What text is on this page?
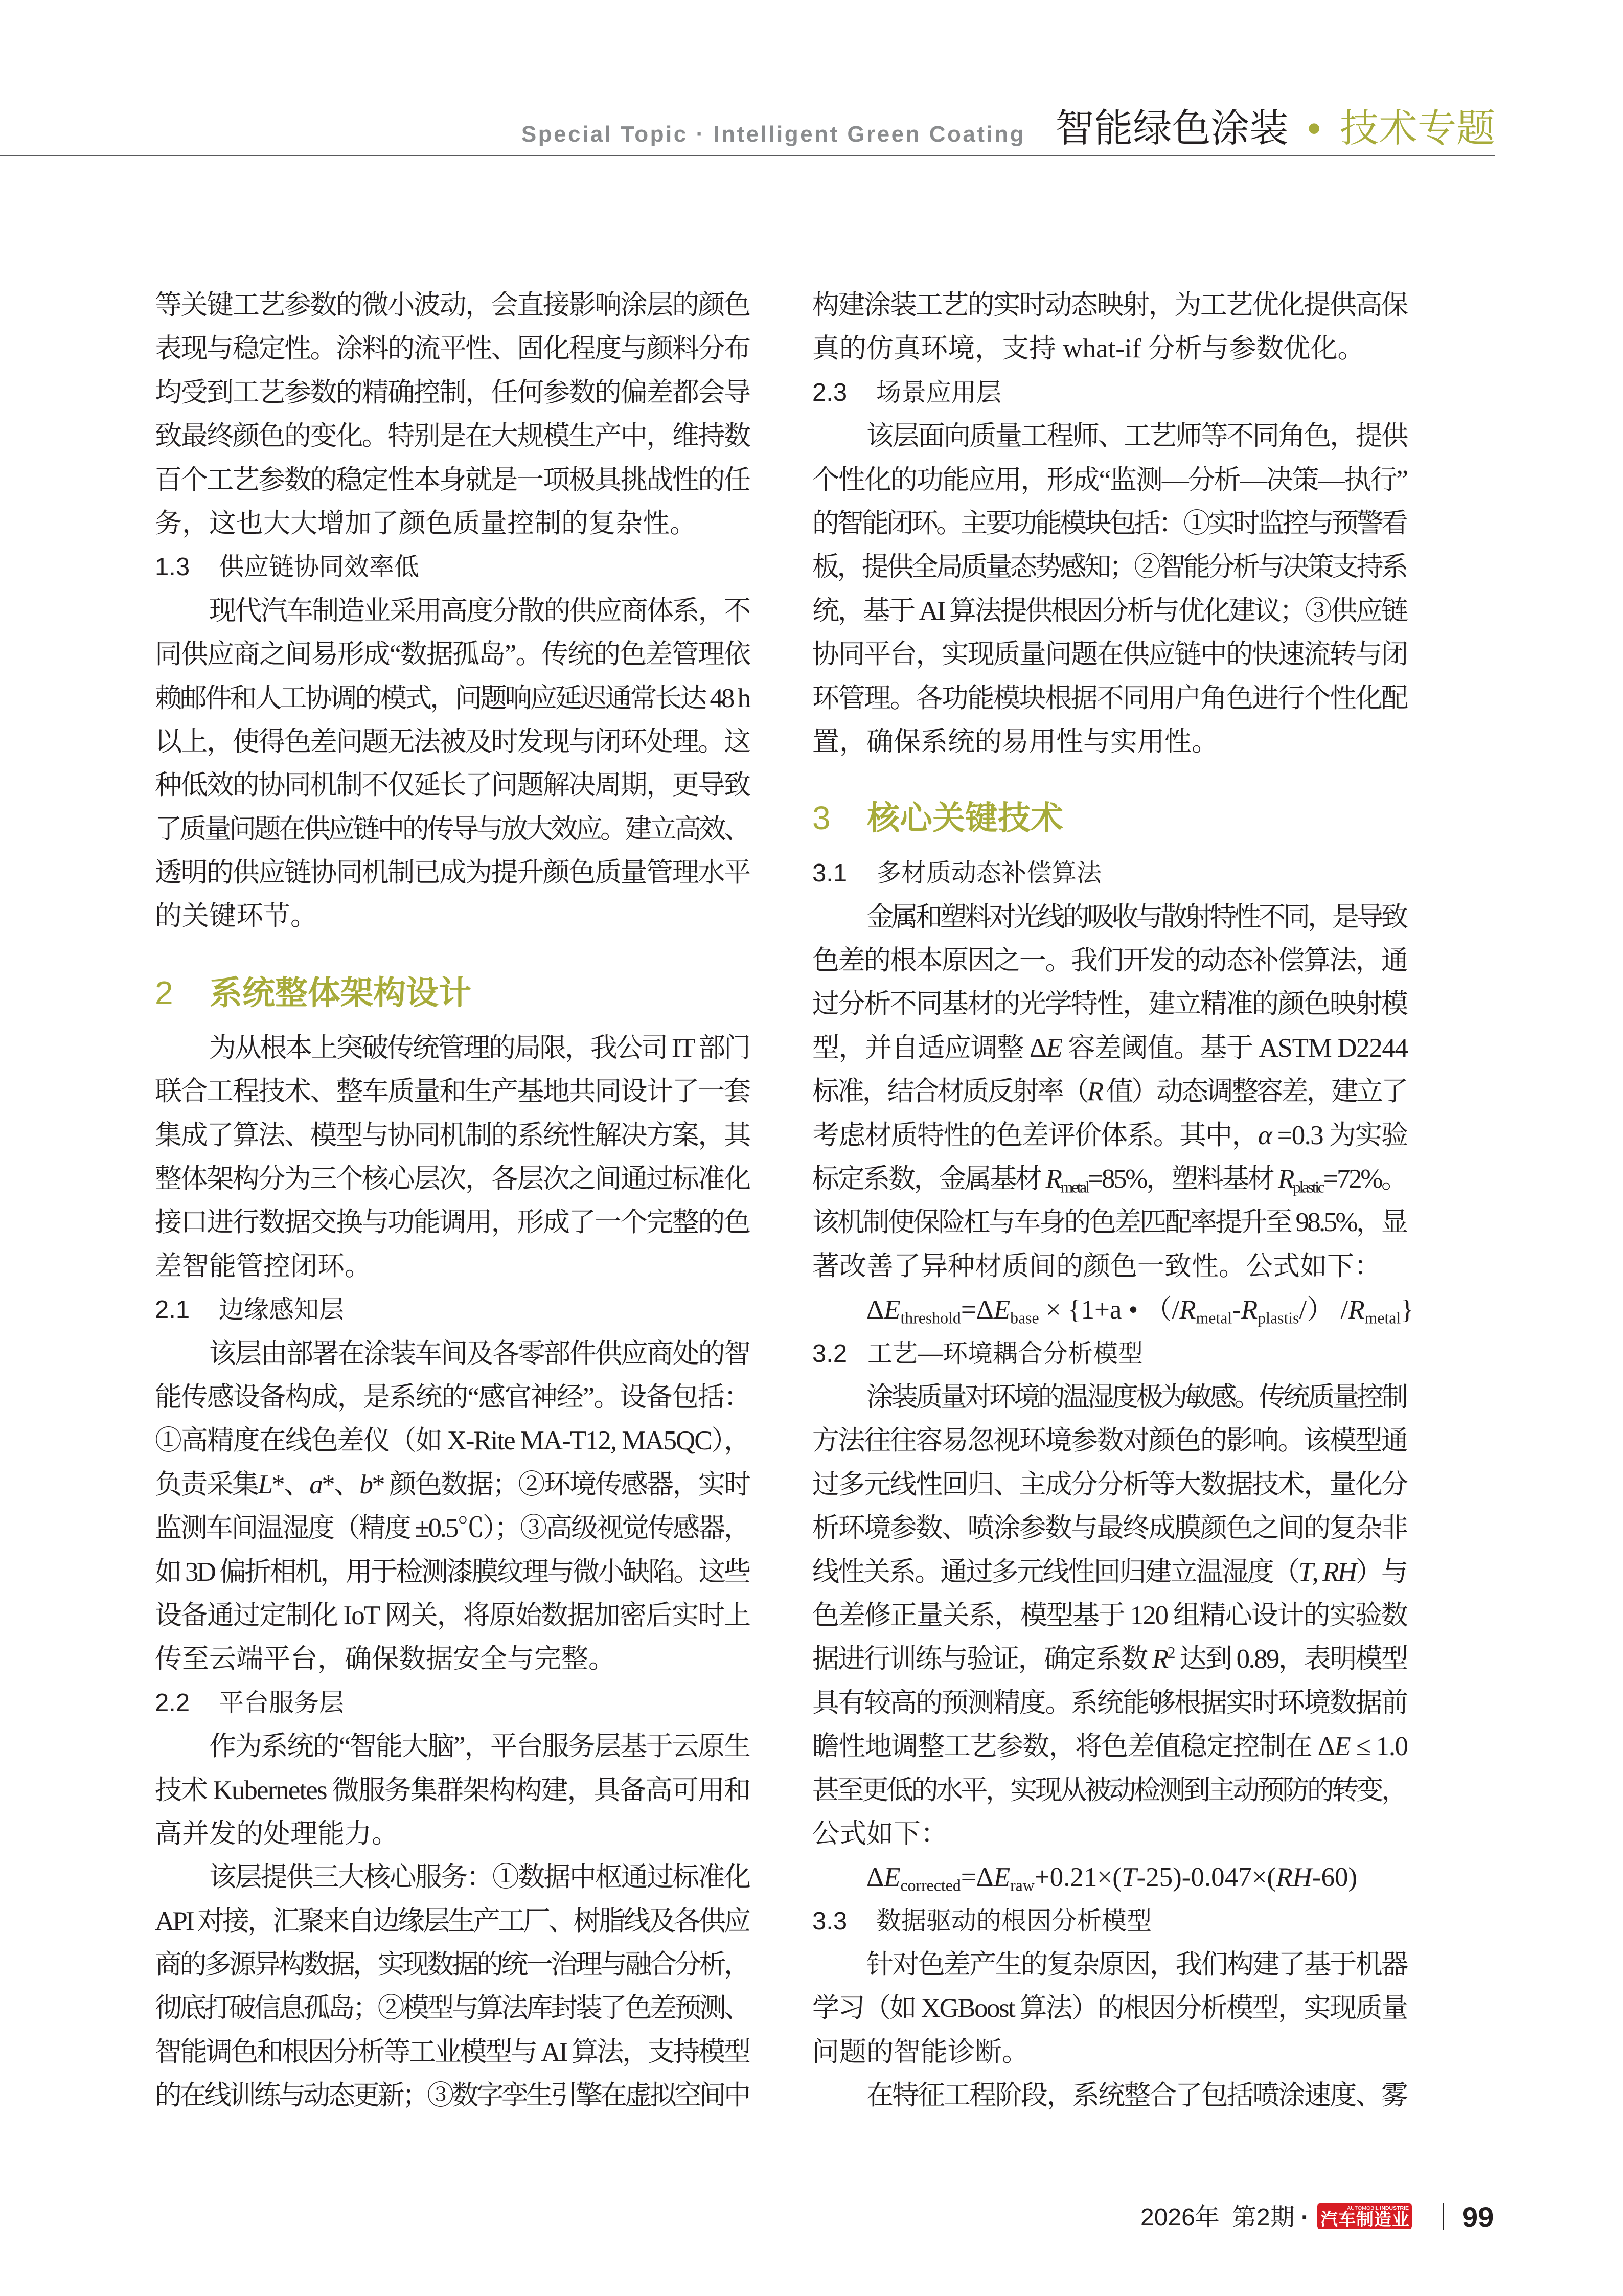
Special Topic · Intelligent Green Coating 智能绿色涂装 • 技术专题
等关键工艺参数的微小波动，会直接影响涂层的颜色
表现与稳定性。涂料的流平性、固化程度与颜料分布
均受到工艺参数的精确控制，任何参数的偏差都会导
致最终颜色的变化。特别是在大规模生产中，维持数
百个工艺参数的稳定性本身就是一项极具挑战性的任
务，这也大大增加了颜色质量控制的复杂性。
1.3 供应链协同效率低
现代汽车制造业采用高度分散的供应商体系，不
同供应商之间易形成“数据孤岛”。传统的色差管理依
赖邮件和人工协调的模式，问题响应延迟通常长达 48 h
以上，使得色差问题无法被及时发现与闭环处理。这
种低效的协同机制不仅延长了问题解决周期，更导致
了质量问题在供应链中的传导与放大效应。建立高效、
透明的供应链协同机制已成为提升颜色质量管理水平
的关键环节。
2 系统整体架构设计
为从根本上突破传统管理的局限，我公司 IT 部门
联合工程技术、整车质量和生产基地共同设计了一套
集成了算法、模型与协同机制的系统性解决方案，其
整体架构分为三个核心层次，各层次之间通过标准化
接口进行数据交换与功能调用，形成了一个完整的色
差智能管控闭环。
2.1 边缘感知层
该层由部署在涂装车间及各零部件供应商处的智
能传感设备构成，是系统的“感官神经”。设备包括：
①高精度在线色差仪（如 X-Rite MA-T12, MA5QC），
负责采集L*、a*、b* 颜色数据；②环境传感器，实时
监测车间温湿度（精度 ±0.5℃）；③高级视觉传感器，
如 3D 偏折相机，用于检测漆膜纹理与微小缺陷。这些
设备通过定制化 IoT 网关，将原始数据加密后实时上
传至云端平台，确保数据安全与完整。
2.2 平台服务层
作为系统的“智能大脑”，平台服务层基于云原生
技术 Kubernetes 微服务集群架构构建，具备高可用和
高并发的处理能力。
该层提供三大核心服务：①数据中枢通过标准化
API 对接，汇聚来自边缘层生产工厂、树脂线及各供应
商的多源异构数据，实现数据的统一治理与融合分析，
彻底打破信息孤岛；②模型与算法库封装了色差预测、
智能调色和根因分析等工业模型与 AI 算法，支持模型
的在线训练与动态更新；③数字孪生引擎在虚拟空间中
构建涂装工艺的实时动态映射，为工艺优化提供高保
真的仿真环境，支持 what-if 分析与参数优化。
2.3 场景应用层
该层面向质量工程师、工艺师等不同角色，提供
个性化的功能应用，形成“监测—分析—决策—执行”
的智能闭环。主要功能模块包括：①实时监控与预警看
板，提供全局质量态势感知；②智能分析与决策支持系
统，基于 AI 算法提供根因分析与优化建议；③供应链
协同平台，实现质量问题在供应链中的快速流转与闭
环管理。各功能模块根据不同用户角色进行个性化配
置，确保系统的易用性与实用性。
3 核心关键技术
3.1 多材质动态补偿算法
金属和塑料对光线的吸收与散射特性不同，是导致
色差的根本原因之一。我们开发的动态补偿算法，通
过分析不同基材的光学特性，建立精准的颜色映射模
型，并自适应调整 ΔE 容差阈值。基于 ASTM D2244
标准，结合材质反射率（R 值）动态调整容差，建立了
考虑材质特性的色差评价体系。其中，α =0.3 为实验
标定系数，金属基材 $R_{metal}=85\%$，塑料基材 $R_{plastic}=72\%$。
该机制使保险杠与车身的色差匹配率提升至 98.5%，显
著改善了异种材质间的颜色一致性。公式如下：
$\Delta E_{threshold}=\Delta E_{base} \times \{1+a$ • $(/R_{metal}-R_{plastis}/)$ $/R_{metal}$}
3.2 工艺—环境耦合分析模型
涂装质量对环境的温湿度极为敏感。传统质量控制
方法往往容易忽视环境参数对颜色的影响。该模型通
过多元线性回归、主成分分析等大数据技术，量化分
析环境参数、喷涂参数与最终成膜颜色之间的复杂非
线性关系。通过多元线性回归建立温湿度（T, RH）与
色差修正量关系，模型基于 120 组精心设计的实验数
据进行训练与验证，确定系数 $R^2$ 达到 0.89，表明模型
具有较高的预测精度。系统能够根据实时环境数据前
瞻性地调整工艺参数，将色差值稳定控制在 ΔE ≤ 1.0
甚至更低的水平，实现从被动检测到主动预防的转变，
公式如下：
$\Delta E_{corrected}=\Delta E_{raw}+0.21\times(T-25)-0.047\times(RH-60)$
3.3 数据驱动的根因分析模型
针对色差产生的复杂原因，我们构建了基于机器
学习（如 XGBoost 算法）的根因分析模型，实现质量
问题的智能诊断。
在特征工程阶段，系统整合了包括喷涂速度、雾
2026年 第2期 ·	AUTOMOBIL INDUSTRIE
汽车制造业 99
